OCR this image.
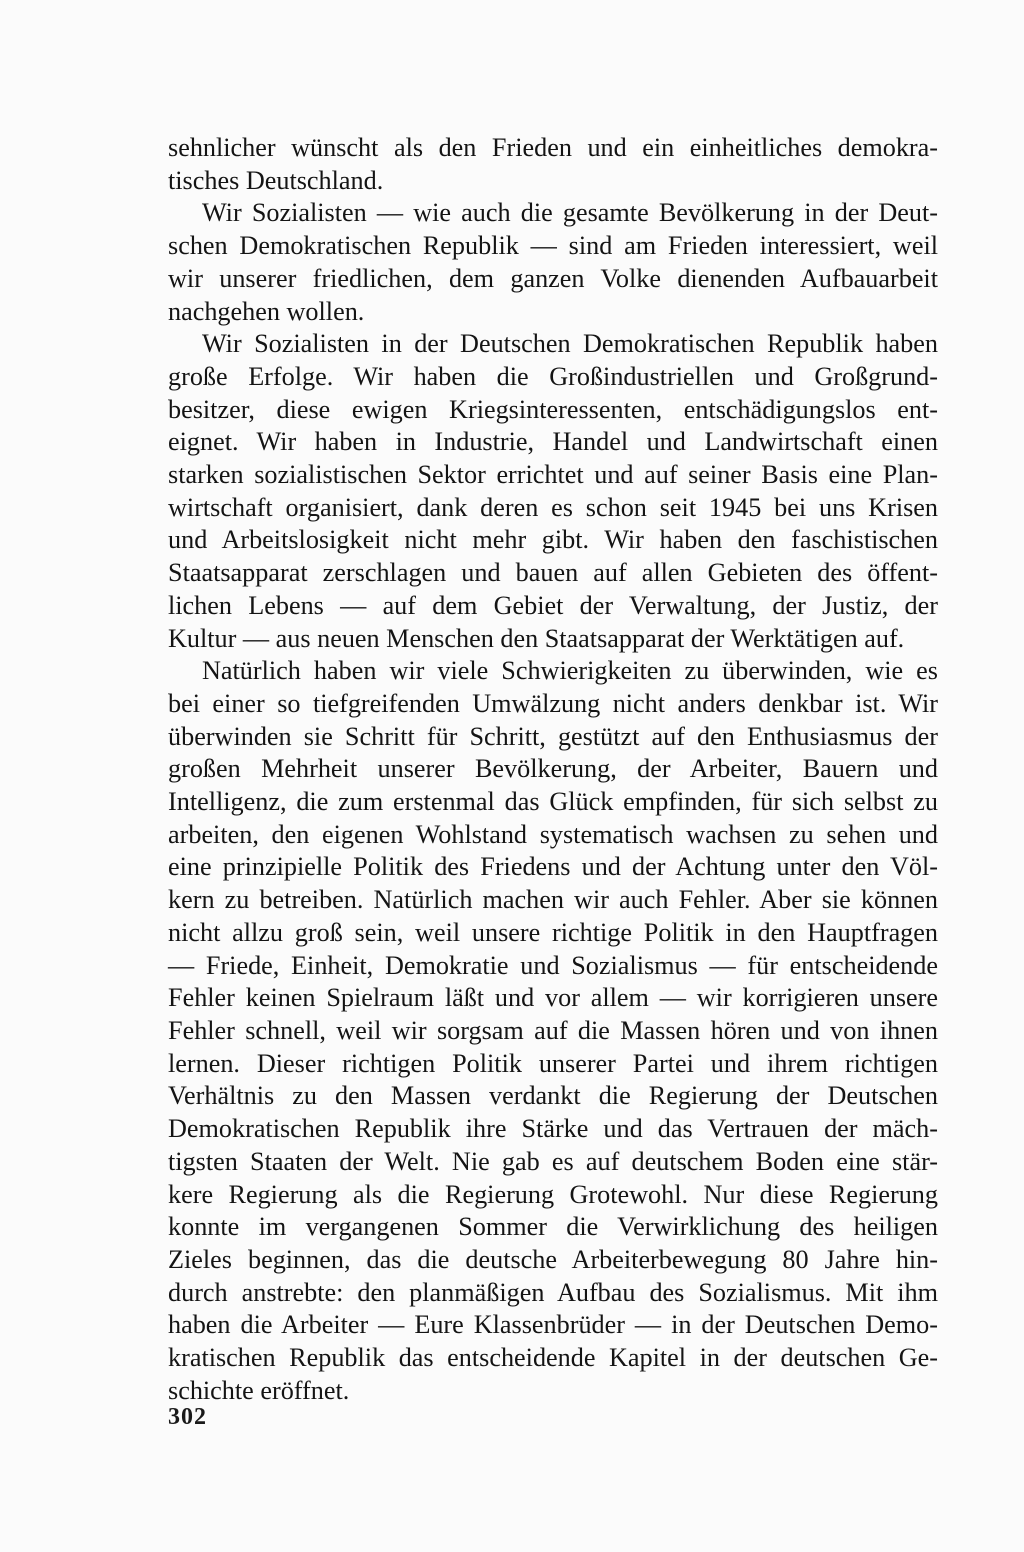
sehnlicher wünscht als den Frieden und ein einheitliches demokra-
tisches Deutschland.

Wir Sozialisten — wie auch die gesamte Bevölkerung in der Deut-
schen Demokratischen Republik — sind am Frieden interessiert, weil
wir unserer friedlichen, dem ganzen Volke dienenden Aufbauarbeit
nachgehen wollen.

Wir Sozialisten in der Deutschen Demokratischen Republik haben
große Erfolge. Wir haben die Großindustriellen und Großgrund-
besitzer, diese ewigen Kriegsinteressenten, entschädigungslos ent-
eignet. Wir haben in Industrie, Handel und Landwirtschaft einen
starken sozialistischen Sektor errichtet und auf seiner Basis eine Plan-
wirtschaft organisiert, dank deren es schon seit 1945 bei uns Krisen
und Arbeitslosigkeit nicht mehr gibt. Wir haben den faschistischen
Staatsapparat zerschlagen und bauen auf allen Gebieten des öffent-
lichen Lebens — auf dem Gebiet der Verwaltung, der Justiz, der
Kultur — aus neuen Menschen den Staatsapparat der Werktätigen auf.

Natürlich haben wir viele Schwierigkeiten zu überwinden, wie es
bei einer so tiefgreifenden Umwälzung nicht anders denkbar ist. Wir
überwinden sie Schritt für Schritt, gestützt auf den Enthusiasmus der
großen Mehrheit unserer Bevölkerung, der Arbeiter, Bauern und
Intelligenz, die zum erstenmal das Glück empfinden, für sich selbst zu
arbeiten, den eigenen Wohlstand systematisch wachsen zu sehen und
eine prinzipielle Politik des Friedens und der Achtung unter den Völ-
kern zu betreiben. Natürlich machen wir auch Fehler. Aber sie können
nicht allzu groß sein, weil unsere richtige Politik in den Hauptfragen
— Friede, Einheit, Demokratie und Sozialismus — für entscheidende
Fehler keinen Spielraum läßt und vor allem — wir korrigieren unsere
Fehler schnell, weil wir sorgsam auf die Massen hören und von ihnen
lernen. Dieser richtigen Politik unserer Partei und ihrem richtigen
Verhältnis zu den Massen verdankt die Regierung der Deutschen
Demokratischen Republik ihre Stärke und das Vertrauen der mäch-
tigsten Staaten der Welt. Nie gab es auf deutschem Boden eine stär-
kere Regierung als die Regierung Grotewohl. Nur diese Regierung
konnte im vergangenen Sommer die Verwirklichung des heiligen
Zieles beginnen, das die deutsche Arbeiterbewegung 80 Jahre hin-
durch anstrebte: den planmäßigen Aufbau des Sozialismus. Mit ihm
haben die Arbeiter — Eure Klassenbrüder — in der Deutschen Demo-
kratischen Republik das entscheidende Kapitel in der deutschen Ge-
schichte eröffnet.

302
